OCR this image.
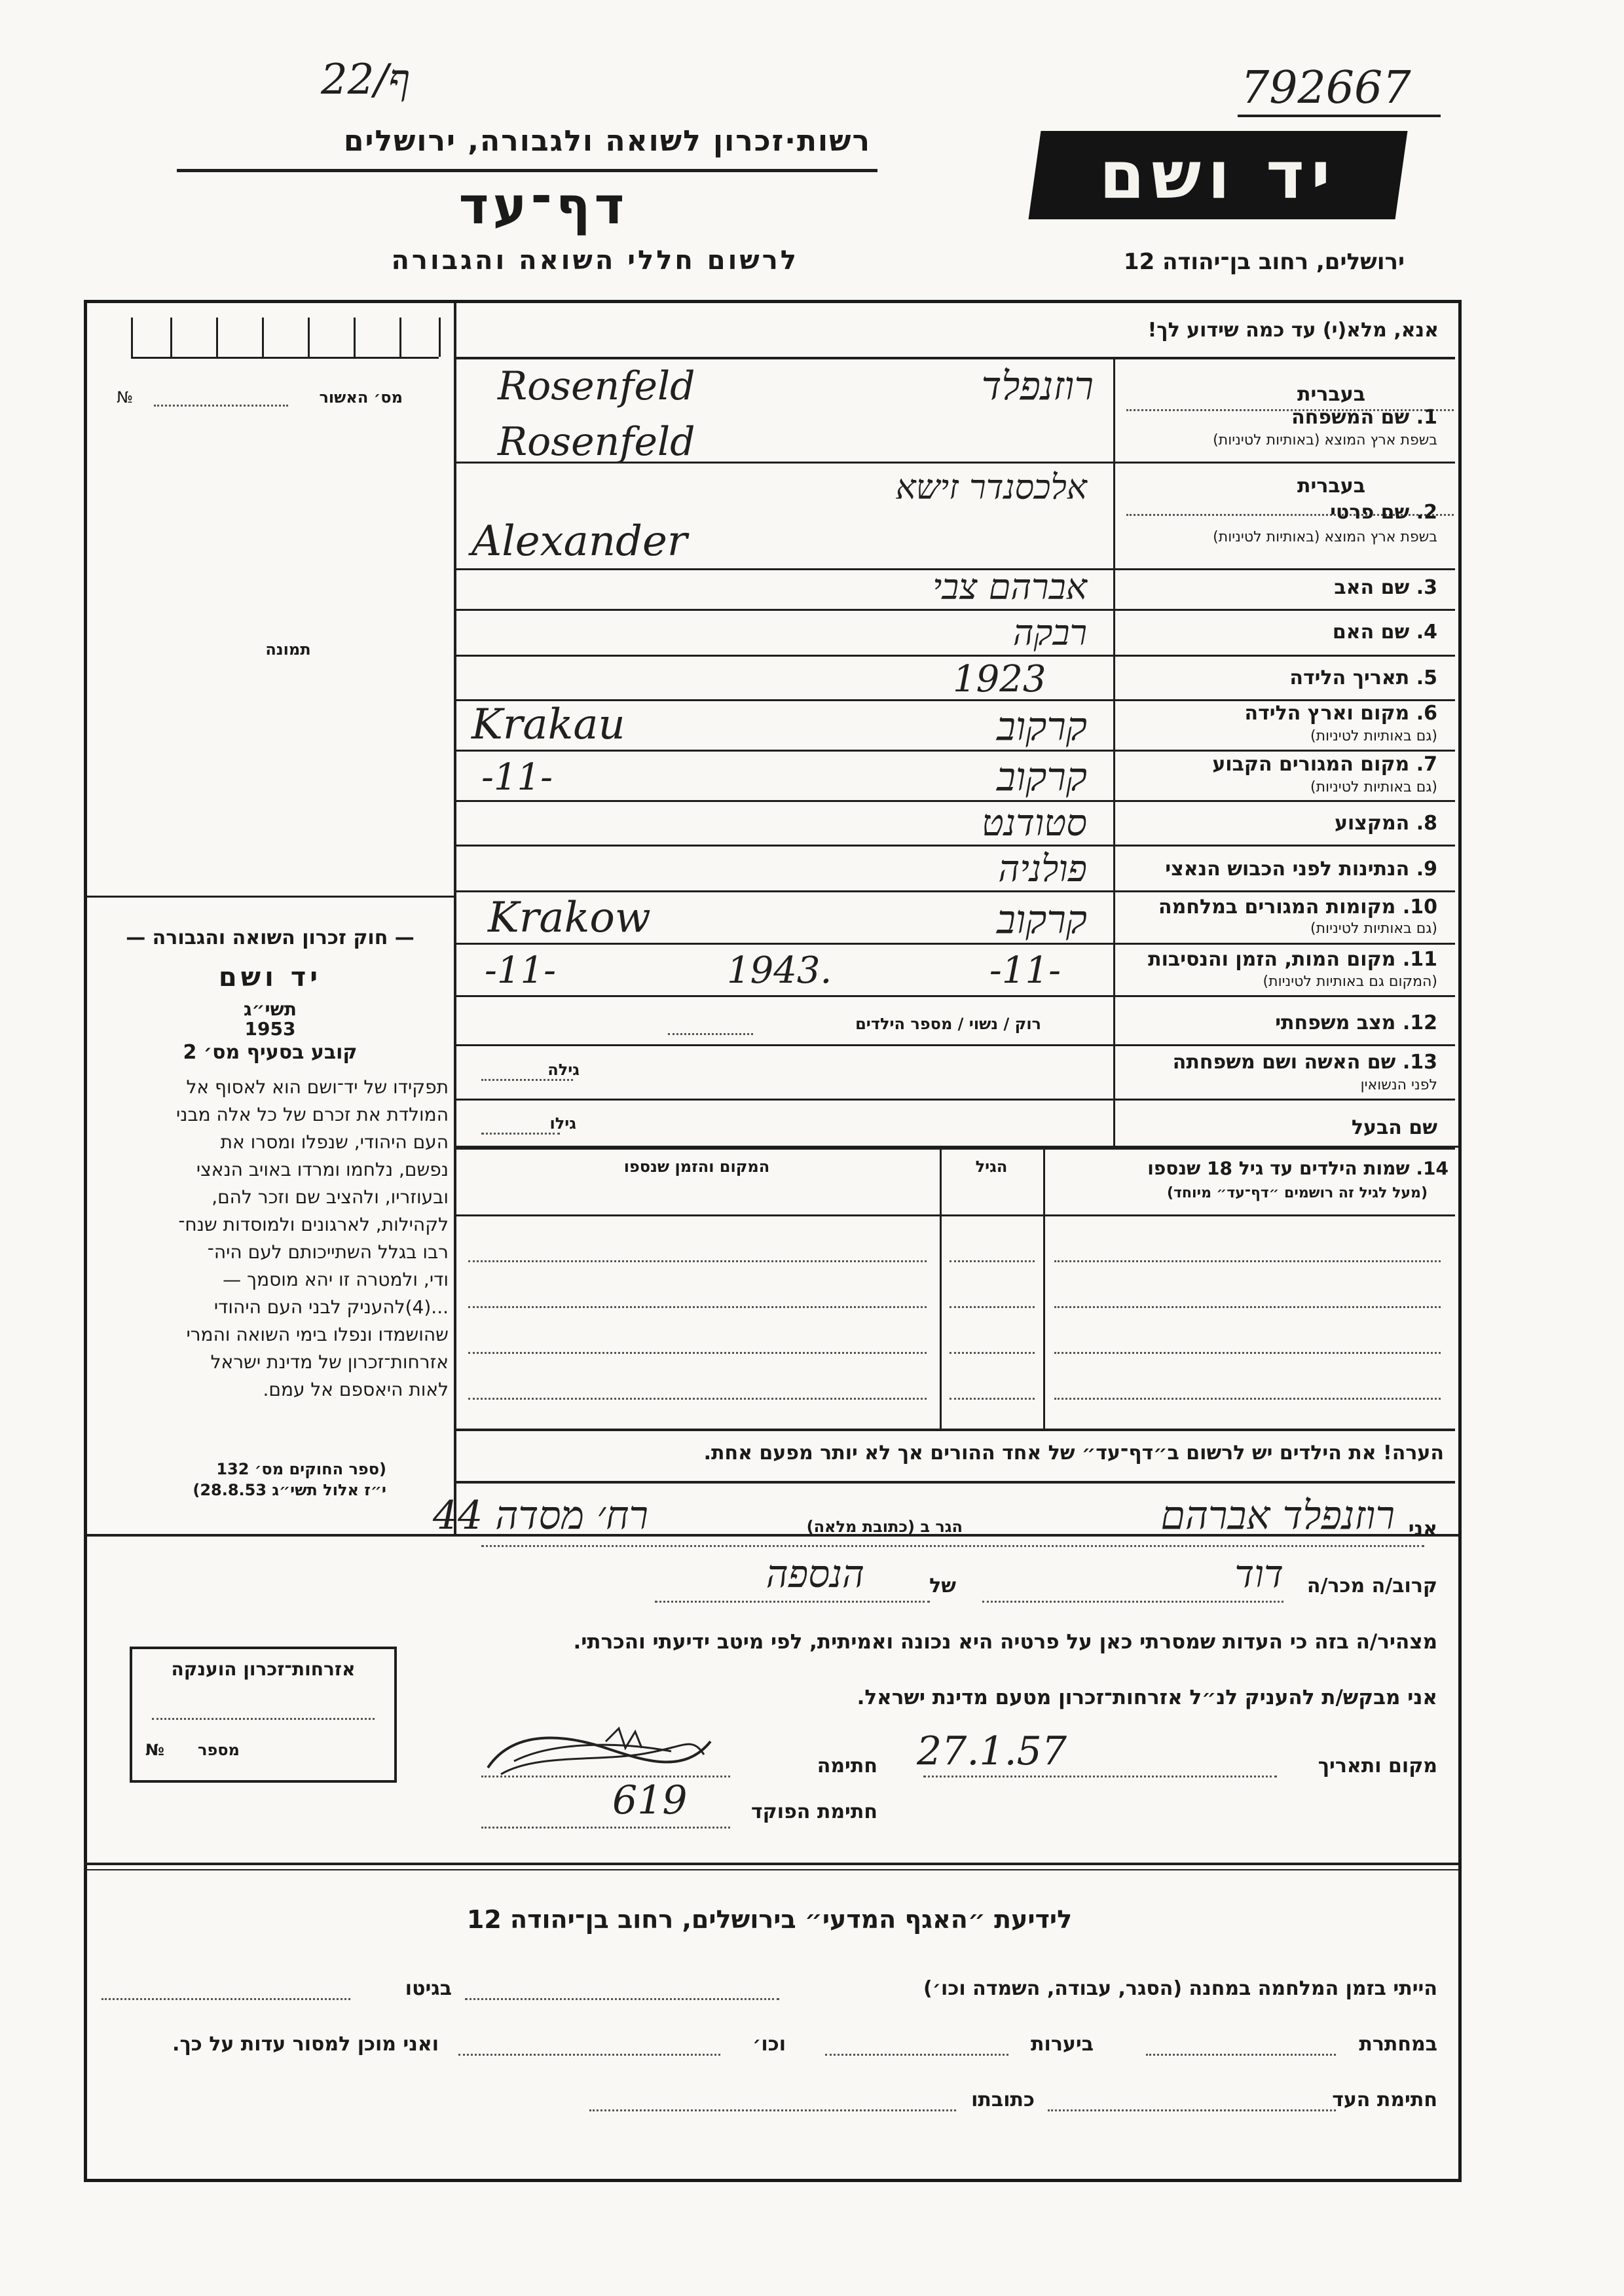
22/ף	792667
רשות·זכרון לשואה ולגבורה, ירושלים
דף־עד
לרשום חללי השואה והגבורה
יד ושם
ירושלים, רחוב בן־יהודה 12
מס׳ האשור
№
תמונה
— חוק זכרון השואה והגבורה —
יד ושם
תשי״ג
1953
קובע בסעיף מס׳ 2
תפקידו של יד־ושם הוא לאסוף אל
המולדת את זכרם של כל אלה מבני
העם היהודי, שנפלו ומסרו את
נפשם, נלחמו ומרדו באויב הנאצי
ובעוזריו, ולהציב שם וזכר להם,
לקהילות, לארגונים ולמוסדות שנח־
רבו בגלל השתייכותם לעם היה־
ודי, ולמטרה זו יהא מוסמך —
...(4)להעניק לבני העם היהודי
שהושמדו ונפלו בימי השואה והמרי
אזרחות־זכרון של מדינת ישראל
לאות היאספם אל עמם.
(ספר החוקים מס׳ 132
י״ז אלול תשי״ג 28.8.53)
אנא, מלא(י) עד כמה שידוע לך!
בעברית
1. שם המשפחה
בשפת ארץ המוצא (באותיות לטיניות)
רוזנפלד
Rosenfeld
Rosenfeld
בעברית
2. שם פרטי
בשפת ארץ המוצא (באותיות לטיניות)
אלכסנדר זישא
Alexander
3. שם האב
אברהם צבי
4. שם האם
רבקה
5. תאריך הלידה
1923
6. מקום וארץ הלידה
(גם באותיות לטיניות)
קרקוב
Krakau
7. מקום המגורים הקבוע
(גם באותיות לטיניות)
קרקוב
-11-
8. המקצוע
סטודנט
9. הנתינות לפני הכבוש הנאצי
פולניה
10. מקומות המגורים במלחמה
(גם באותיות לטיניות)
קרקוב
Krakow
11. מקום המות, הזמן והנסיבות
(המקום גם באותיות לטיניות)
-11-
1943.
-11-
12. מצב משפחתי
רוק / נשוי / מספר הילדים
13. שם האשה ושם משפחתה
לפני הנשואין
גילה
שם הבעל
גילו
14. שמות הילדים עד גיל 18 שנספו
(מעל לגיל זה רושמים ״דף־עד״ מיוחד)
הגיל
המקום והזמן שנספו
הערה! את הילדים יש לרשום ב״דף־עד״ של אחד ההורים אך לא יותר מפעם אחת.
אני
רוזנפלד אברהם
הגר ב (כתובת מלאה)
רח׳ מסדה 44
קרוב/ה מכר/ה
דוד
של
הנספה
מצהיר/ה בזה כי העדות שמסרתי כאן על פרטיה היא נכונה ואמיתית, לפי מיטב ידיעתי והכרתי.
אני מבקש/ת להעניק לנ״ל אזרחות־זכרון מטעם מדינת ישראל.
מקום ותאריך
27.1.57
חתימה
חתימת הפוקד
619
אזרחות־זכרון הוענקה
№ מספר
לידיעת ״האגף המדעי״ בירושלים, רחוב בן־יהודה 12
הייתי בזמן המלחמה במחנה (הסגר, עבודה, השמדה וכו׳)
בגיטו
במחתרת
ביערות
וכו׳
ואני מוכן למסור עדות על כך.
חתימת העד
כתובתו
